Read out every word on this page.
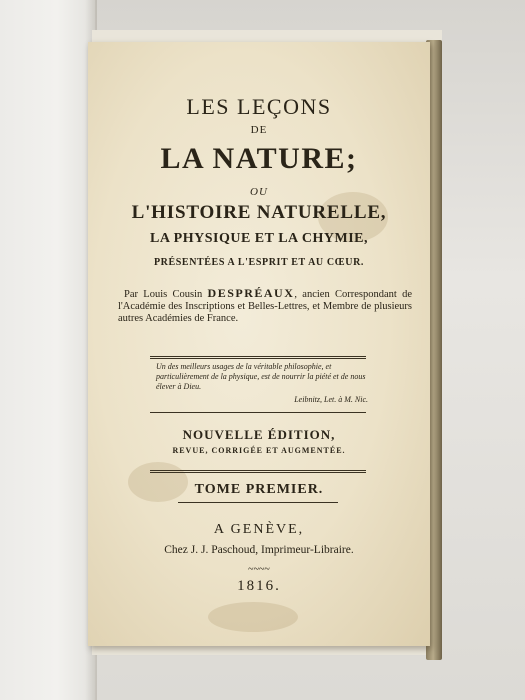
LES LEÇONS
DE
LA NATURE;
OU
L'HISTOIRE NATURELLE,
LA PHYSIQUE ET LA CHYMIE,
PRÉSENTÉES A L'ESPRIT ET AU CŒUR.
Par Louis Cousin DESPRÉAUX, ancien Correspondant de l'Académie des Inscriptions et Belles-Lettres, et Membre de plusieurs autres Académies de France.
Un des meilleurs usages de la véritable philosophie, et particulièrement de la physique, est de nourrir la piété et de nous élever à Dieu.
Leibnitz, Let. à M. Nic.
NOUVELLE ÉDITION,
REVUE, CORRIGÉE ET AUGMENTÉE.
TOME PREMIER.
A GENÈVE,
Chez J. J. Paschoud, Imprimeur-Libraire.
~~~~
1816.
